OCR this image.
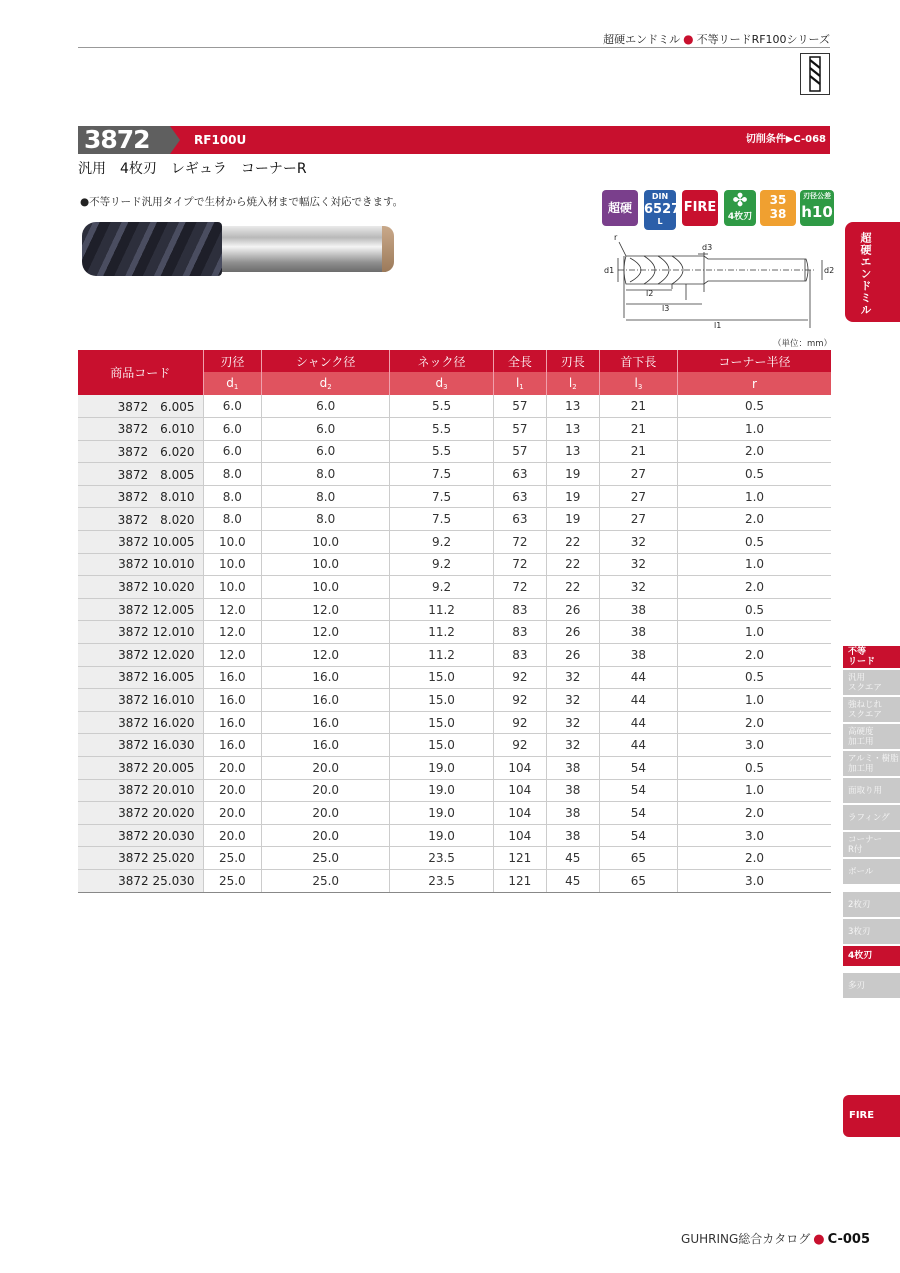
超硬エンドミル ● 不等リードRF100シリーズ
3872	RF100U	切削条件▶C-068
汎用　4枚刃　レギュラ　コーナーR
●不等リード汎用タイプで生材から焼入材まで幅広く対応できます。	超硬
DIN
6527
L
FIRE ✤
4枚刃
35 38
刃径公差
h10
r
d1	d2
d3
l2
l3
l1
（単位：mm）
商品コード	刃径	シャンク径	ネック径	全長	刃長	首下長	コーナー半径
	$d_1$	$d_2$	$d_3$	$l_1$	$l_2$	$l_3$	r
3872　6.005	6.0	6.0	5.5	57	13	21	0.5
3872　6.010	6.0	6.0	5.5	57	13	21	1.0
3872　6.020	6.0	6.0	5.5	57	13	21	2.0
3872　8.005	8.0	8.0	7.5	63	19	27	0.5
3872　8.010	8.0	8.0	7.5	63	19	27	1.0
3872　8.020	8.0	8.0	7.5	63	19	27	2.0
3872 10.005	10.0	10.0	9.2	72	22	32	0.5
3872 10.010	10.0	10.0	9.2	72	22	32	1.0
3872 10.020	10.0	10.0	9.2	72	22	32	2.0
3872 12.005	12.0	12.0	11.2	83	26	38	0.5
3872 12.010	12.0	12.0	11.2	83	26	38	1.0
3872 12.020	12.0	12.0	11.2	83	26	38	2.0
3872 16.005	16.0	16.0	15.0	92	32	44	0.5
3872 16.010	16.0	16.0	15.0	92	32	44	1.0
3872 16.020	16.0	16.0	15.0	92	32	44	2.0
3872 16.030	16.0	16.0	15.0	92	32	44	3.0
3872 20.005	20.0	20.0	19.0	104	38	54	0.5
3872 20.010	20.0	20.0	19.0	104	38	54	1.0
3872 20.020	20.0	20.0	19.0	104	38	54	2.0
3872 20.030	20.0	20.0	19.0	104	38	54	3.0
3872 25.020	25.0	25.0	23.5	121	45	65	2.0
3872 25.030	25.0	25.0	23.5	121	45	65	3.0
超硬エンドミル
不等
リード
汎用
スクエア
強ねじれ
スクエア
高硬度
加工用
アルミ・樹脂
加工用
面取り用
ラフィング
コーナー
R付
ボール
2枚刃
3枚刃
4枚刃
多刃
FIRE
GUHRING総合カタログ ● C-005
